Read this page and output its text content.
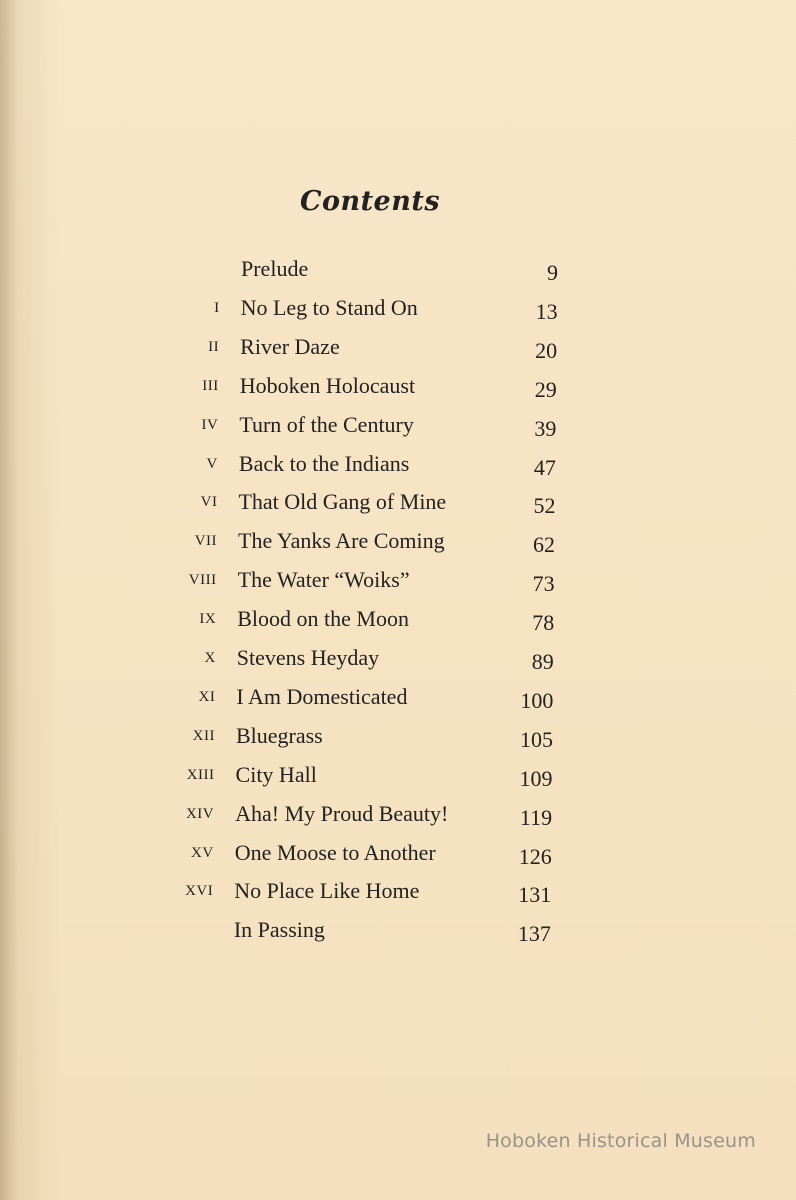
Contents
Prelude	9
I No Leg to Stand On	13
II River Daze	20
III Hoboken Holocaust	29
IV Turn of the Century	39
V Back to the Indians	47
VI That Old Gang of Mine	52
VII The Yanks Are Coming	62
VIII The Water “Woiks”	73
IX Blood on the Moon	78
X Stevens Heyday	89
XI I Am Domesticated	100
XII Bluegrass	105
XIII City Hall	109
XIV Aha! My Proud Beauty!	119
XV One Moose to Another	126
XVI No Place Like Home	131
In Passing	137
Hoboken Historical Museum
